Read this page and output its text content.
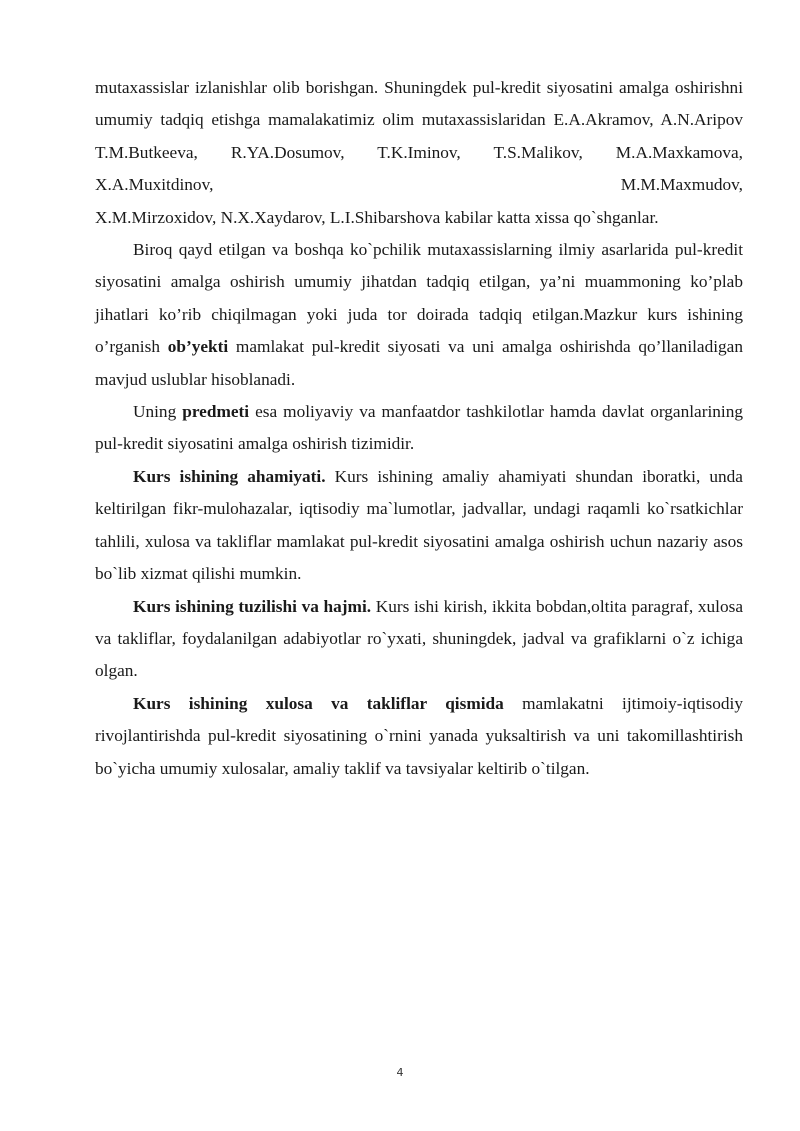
mutaxassislar izlanishlar olib borishgan. Shuningdek pul-kredit siyosatini amalga oshirishni umumiy tadqiq etishga mamalakatimiz olim mutaxassislaridan E.A.Akramov, A.N.Aripov T.M.Butkeeva, R.YA.Dosumov, T.K.Iminov, T.S.Malikov, M.A.Maxkamova, X.A.Muxitdinov, M.M.Maxmudov,

X.M.Mirzoxidov, N.X.Xaydarov, L.I.Shibarshova kabilar katta xissa qo`shganlar.

Biroq qayd etilgan va boshqa ko`pchilik mutaxassislarning ilmiy asarlarida pul-kredit siyosatini amalga oshirish umumiy jihatdan tadqiq etilgan, ya’ni muammoning ko’plab jihatlari ko’rib chiqilmagan yoki juda tor doirada tadqiq etilgan.Mazkur kurs ishining o’rganish ob’yekti mamlakat pul-kredit siyosati va uni amalga oshirishda qo’llaniladigan mavjud uslublar hisoblanadi.

Uning predmeti esa moliyaviy va manfaatdor tashkilotlar hamda davlat organlarining pul-kredit siyosatini amalga oshirish tizimidir.

Kurs ishining ahamiyati. Kurs ishining amaliy ahamiyati shundan iboratki, unda keltirilgan fikr-mulohazalar, iqtisodiy ma`lumotlar, jadvallar, undagi raqamli ko`rsatkichlar tahlili, xulosa va takliflar mamlakat pul-kredit siyosatini amalga oshirish uchun nazariy asos bo`lib xizmat qilishi mumkin.

Kurs ishining tuzilishi va hajmi. Kurs ishi kirish, ikkita bobdan,oltita paragraf, xulosa va takliflar, foydalanilgan adabiyotlar ro`yxati, shuningdek, jadval va grafiklarni o`z ichiga olgan.

Kurs ishining xulosa va takliflar qismida mamlakatni ijtimoiy-iqtisodiy rivojlantirishda pul-kredit siyosatining o`rnini yanada yuksaltirish va uni takomillashtirish bo`yicha umumiy xulosalar, amaliy taklif va tavsiyalar keltirib o`tilgan.

4
